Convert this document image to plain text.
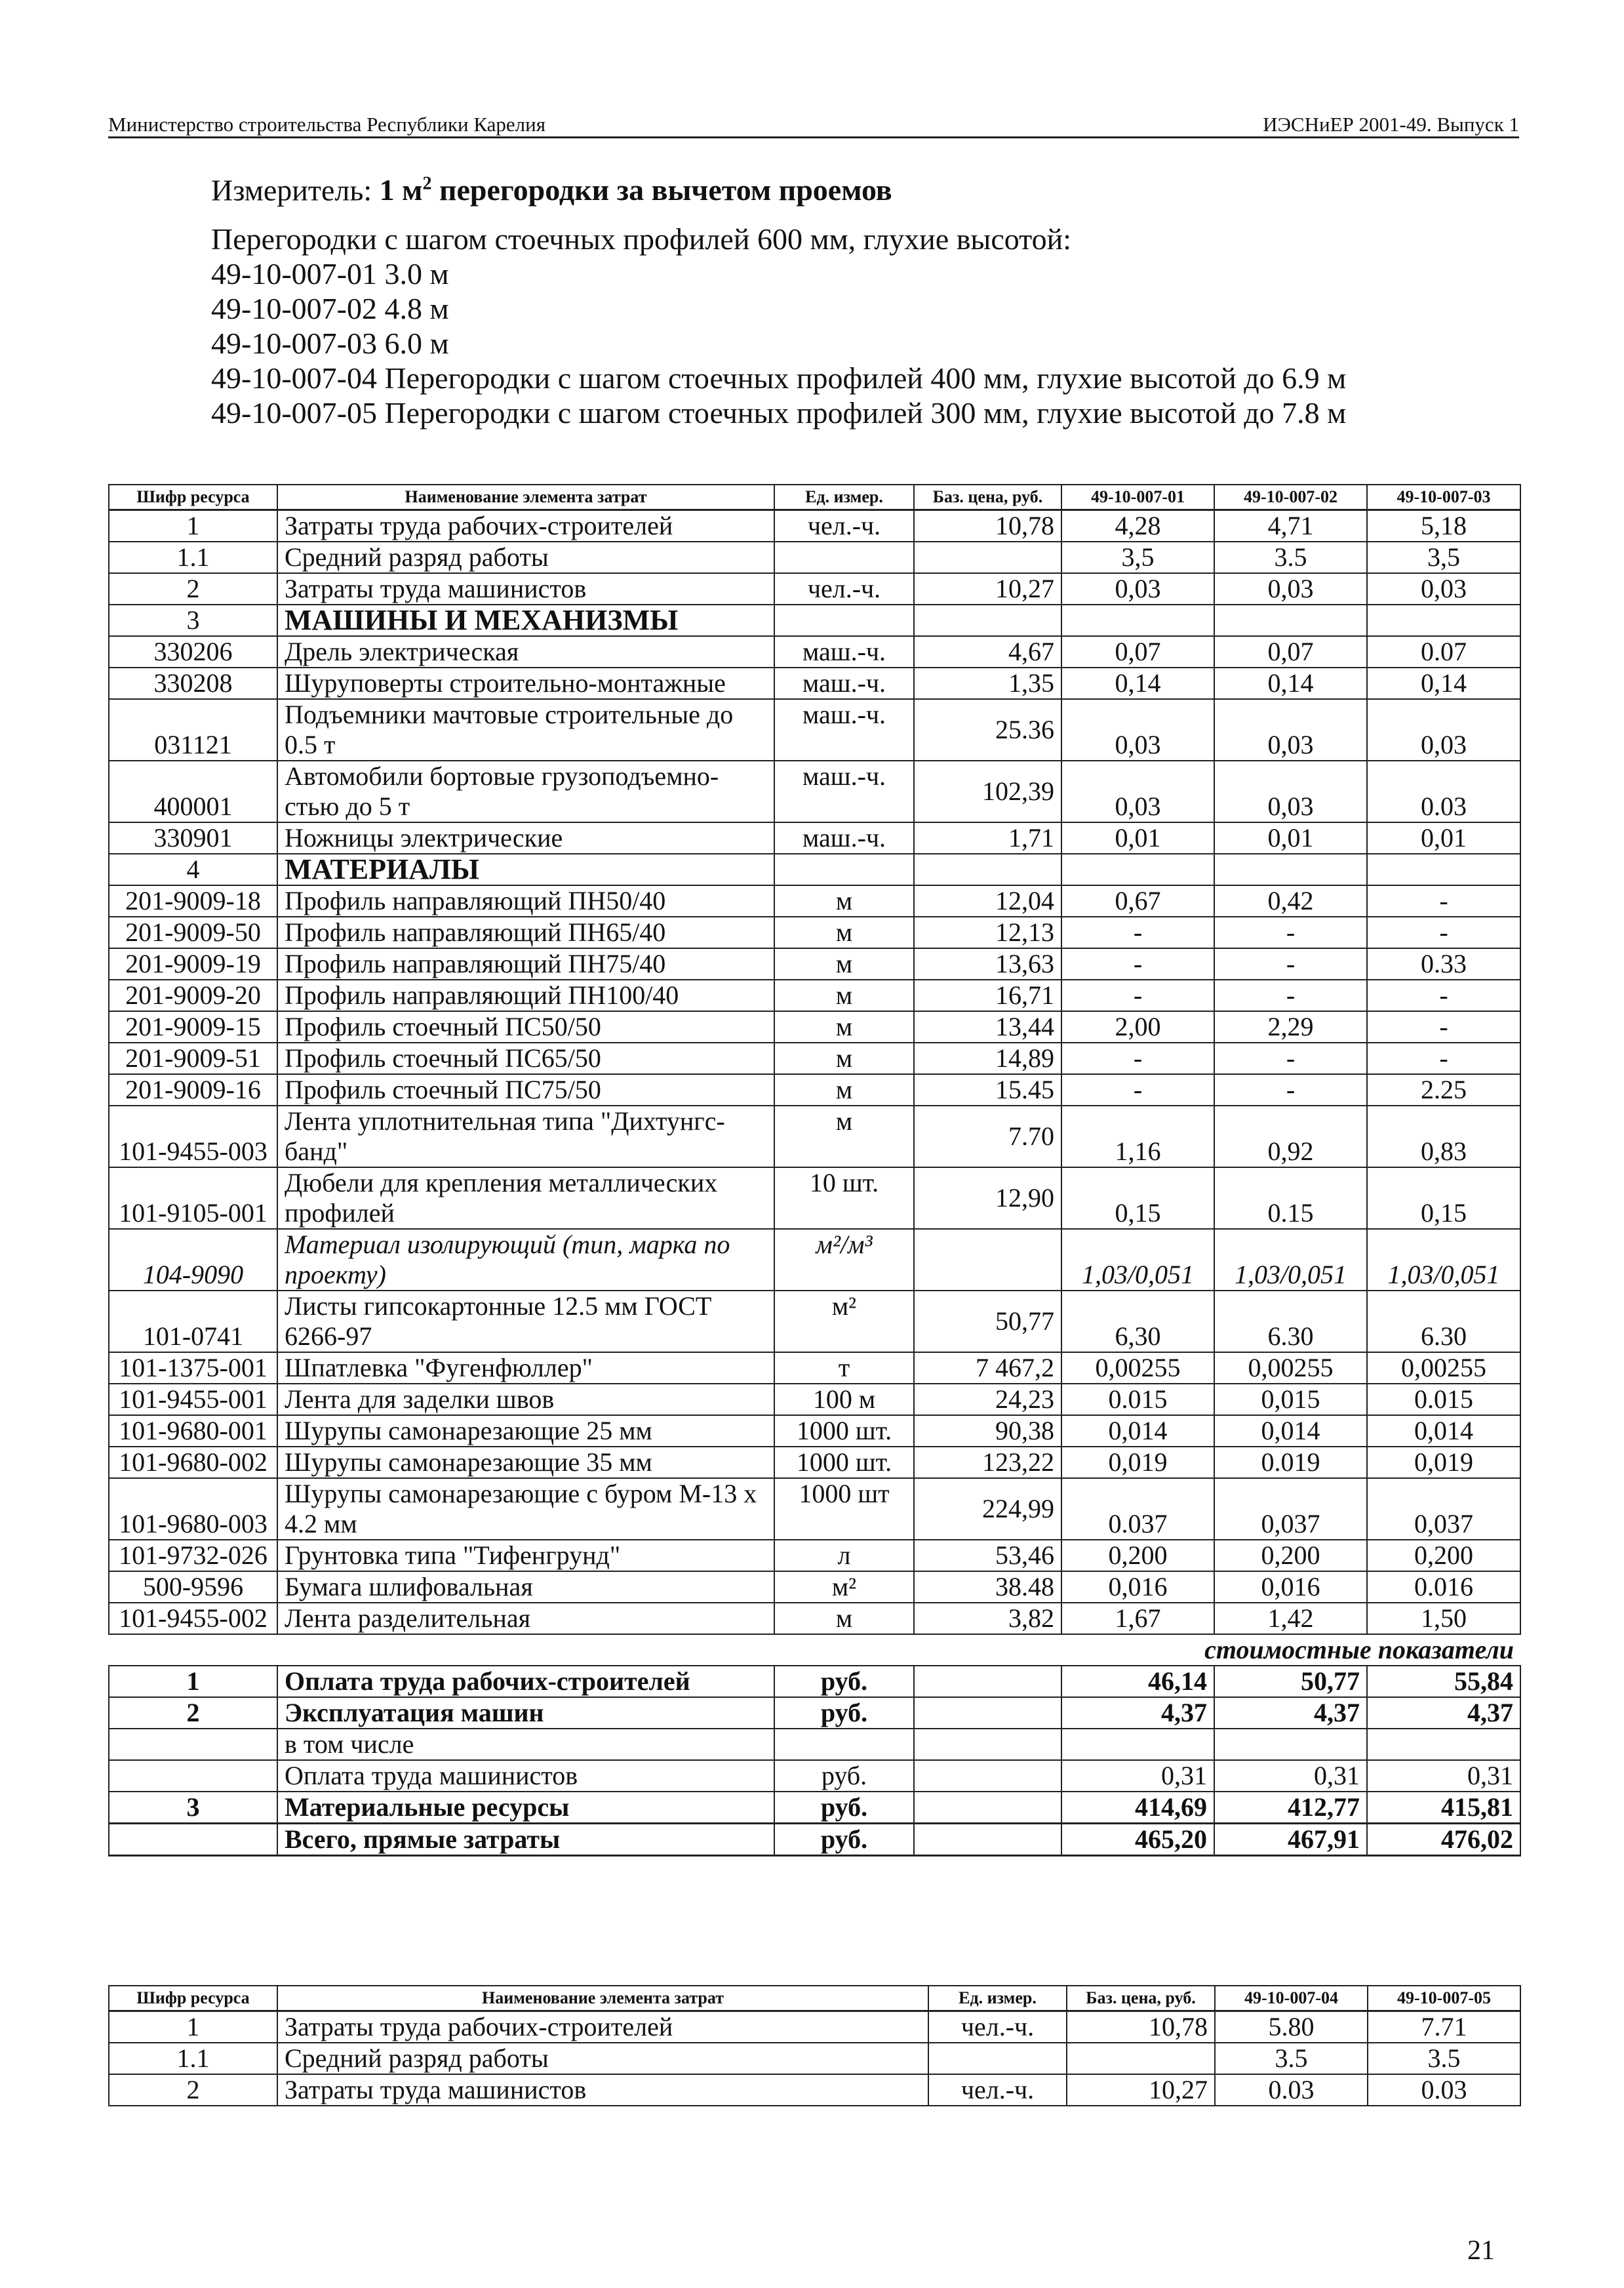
Министерство строительства Республики Карелия	ИЭСНиЕР 2001-49. Выпуск 1
Измеритель: 1 $м^2$ перегородки за вычетом проемов
Перегородки с шагом стоечных профилей 600 мм, глухие высотой:
49-10-007-01 3.0 м
49-10-007-02 4.8 м
49-10-007-03 6.0 м
49-10-007-04 Перегородки с шагом стоечных профилей 400 мм, глухие высотой до 6.9 м
49-10-007-05 Перегородки с шагом стоечных профилей 300 мм, глухие высотой до 7.8 м
Шифр ресурса	Наименование элемента затрат	Ед. измер.	Баз. цена, руб.	49-10-007-01	49-10-007-02	49-10-007-03
1	Затраты труда рабочих-строителей	чел.-ч.	10,78	4,28	4,71	5,18
1.1	Средний разряд работы			3,5	3.5	3,5
2	Затраты труда машинистов	чел.-ч.	10,27	0,03	0,03	0,03
3	МАШИНЫ И МЕХАНИЗМЫ					
330206	Дрель электрическая	маш.-ч.	4,67	0,07	0,07	0.07
330208	Шуруповерты строительно-монтажные	маш.-ч.	1,35	0,14	0,14	0,14
031121	Подъемники мачтовые строительные до 0.5 т	маш.-ч.	25.36	0,03	0,03	0,03
400001	Автомобили бортовые грузоподъемно-стью до 5 т	маш.-ч.	102,39	0,03	0,03	0.03
330901	Ножницы электрические	маш.-ч.	1,71	0,01	0,01	0,01
4	МАТЕРИАЛЫ					
201-9009-18	Профиль направляющий ПН50/40	м	12,04	0,67	0,42	-
201-9009-50	Профиль направляющий ПН65/40	м	12,13	-	-	-
201-9009-19	Профиль направляющий ПН75/40	м	13,63	-	-	0.33
201-9009-20	Профиль направляющий ПН100/40	м	16,71	-	-	-
201-9009-15	Профиль стоечный ПС50/50	м	13,44	2,00	2,29	-
201-9009-51	Профиль стоечный ПС65/50	м	14,89	-	-	-
201-9009-16	Профиль стоечный ПС75/50	м	15.45	-	-	2.25
101-9455-003	Лента уплотнительная типа "Дихтунгс-банд"	м	7.70	1,16	0,92	0,83
101-9105-001	Дюбели для крепления металлических профилей	10 шт.	12,90	0,15	0.15	0,15
104-9090	Материал изолирующий (тип, марка по проекту)	м²/м³		1,03/0,051	1,03/0,051	1,03/0,051
101-0741	Листы гипсокартонные 12.5 мм ГОСТ 6266-97	м²	50,77	6,30	6.30	6.30
101-1375-001	Шпатлевка "Фугенфюллер"	т	7 467,2	0,00255	0,00255	0,00255
101-9455-001	Лента для заделки швов	100 м	24,23	0.015	0,015	0.015
101-9680-001	Шурупы самонарезающие 25 мм	1000 шт.	90,38	0,014	0,014	0,014
101-9680-002	Шурупы самонарезающие 35 мм	1000 шт.	123,22	0,019	0.019	0,019
101-9680-003	Шурупы самонарезающие с буром М-13 х 4.2 мм	1000 шт	224,99	0.037	0,037	0,037
101-9732-026	Грунтовка типа "Тифенгрунд"	л	53,46	0,200	0,200	0,200
500-9596	Бумага шлифовальная	м²	38.48	0,016	0,016	0.016
101-9455-002	Лента разделительная	м	3,82	1,67	1,42	1,50
стоимостные показатели						
1	Оплата труда рабочих-строителей	руб.		46,14	50,77	55,84
2	Эксплуатация машин	руб.		4,37	4,37	4,37
	в том числе					
	Оплата труда машинистов	руб.		0,31	0,31	0,31
3	Материальные ресурсы	руб.		414,69	412,77	415,81
	Всего, прямые затраты	руб.		465,20	467,91	476,02
Шифр ресурса	Наименование элемента затрат	Ед. измер.	Баз. цена, руб.	49-10-007-04	49-10-007-05
1	Затраты труда рабочих-строителей	чел.-ч.	10,78	5.80	7.71
1.1	Средний разряд работы			3.5	3.5
2	Затраты труда машинистов	чел.-ч.	10,27	0.03	0.03
21
